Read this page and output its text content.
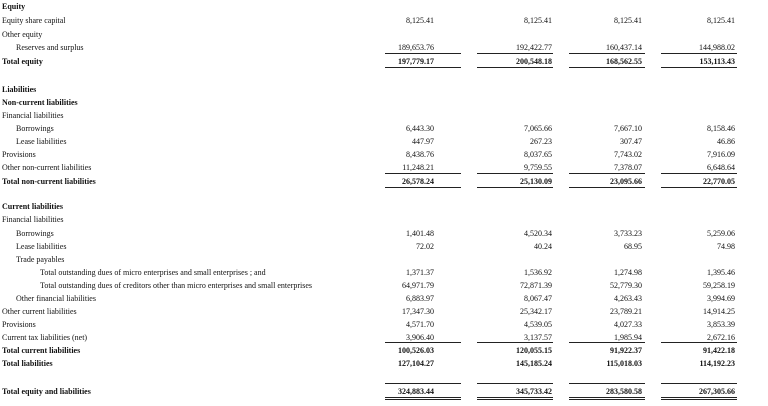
Equity
Equity share capital	8,125.41	8,125.41	8,125.41	8,125.41
Other equity
Reserves and surplus	189,653.76	192,422.77	160,437.14	144,988.02
Total equity	197,779.17	200,548.18	168,562.55	153,113.43
Liabilities
Non-current liabilities
Financial liabilities
Borrowings	6,443.30	7,065.66	7,667.10	8,158.46
Lease liabilities	447.97	267.23	307.47	46.86
Provisions	8,438.76	8,037.65	7,743.02	7,916.09
Other non-current liabilities	11,248.21	9,759.55	7,378.07	6,648.64
Total non-current liabilities	26,578.24	25,130.09	23,095.66	22,770.05
Current liabilities
Financial liabilities
Borrowings	1,401.48	4,520.34	3,733.23	5,259.06
Lease liabilities	72.02	40.24	68.95	74.98
Trade payables
Total outstanding dues of micro enterprises and small enterprises ; and	1,371.37	1,536.92	1,274.98	1,395.46
Total outstanding dues of creditors other than micro enterprises and small enterprises	64,971.79	72,871.39	52,779.30	59,258.19
Other financial liabilities	6,883.97	8,067.47	4,263.43	3,994.69
Other current liabilities	17,347.30	25,342.17	23,789.21	14,914.25
Provisions	4,571.70	4,539.05	4,027.33	3,853.39
Current tax liabilities (net)	3,906.40	3,137.57	1,985.94	2,672.16
Total current liabilities	100,526.03	120,055.15	91,922.37	91,422.18
Total liabilities	127,104.27	145,185.24	115,018.03	114,192.23
Total equity and liabilities	324,883.44	345,733.42	283,580.58	267,305.66
